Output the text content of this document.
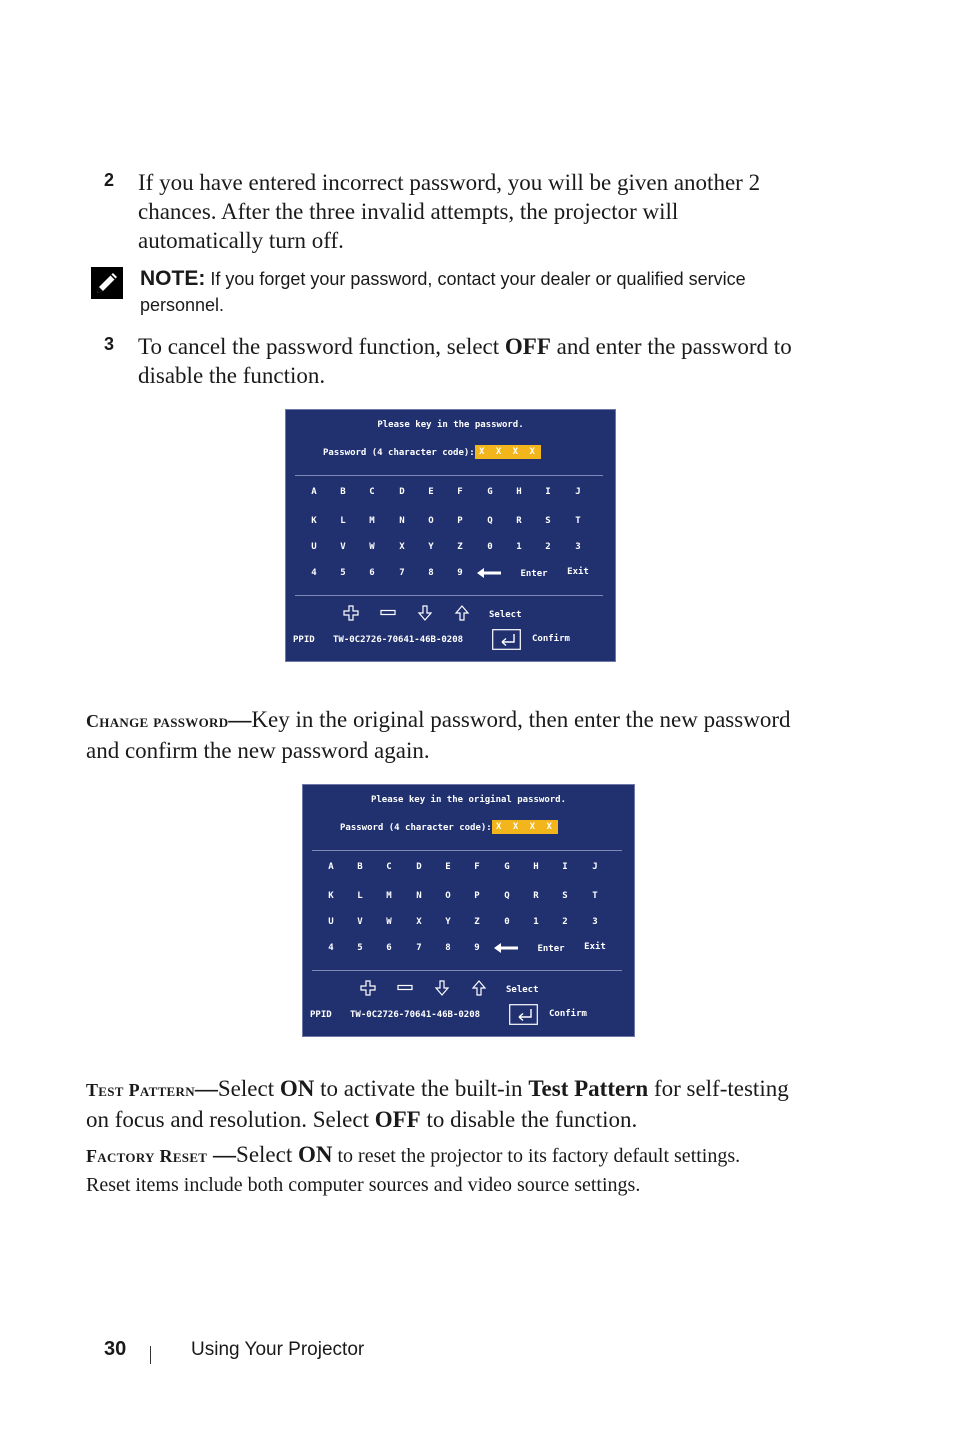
2 If you have entered incorrect password, you will be given another 2
chances. After the three invalid attempts, the projector will
automatically turn off.
NOTE: If you forget your password, contact your dealer or qualified service
personnel.
3 To cancel the password function, select OFF and enter the password to
disable the function.
Please key in the password.
Password (4 character code): X X X X
A	B	C	D	E	F	G	H	I	J
K	L	M	N	O	P	Q	R	S	T
U	V	W	X	Y	Z	0	1	2	3
4	5	6	7	8	9	Enter	Exit
Select
PPID TW-0C2726-70641-46B-0208	Confirm
Change password—Key in the original password, then enter the new password
and confirm the new password again.
Please key in the original password.
Password (4 character code): X X X X
A	B	C	D	E	F	G	H	I	J
K	L	M	N	O	P	Q	R	S	T
U	V	W	X	Y	Z	0	1	2	3
4	5	6	7	8	9	Enter	Exit
Select
PPID TW-0C2726-70641-46B-0208	Confirm
Test Pattern—Select ON to activate the built-in Test Pattern for self-testing
on focus and resolution. Select OFF to disable the function.
Factory Reset —Select ON to reset the projector to its factory default settings.
Reset items include both computer sources and video source settings.
30	Using Your Projector
